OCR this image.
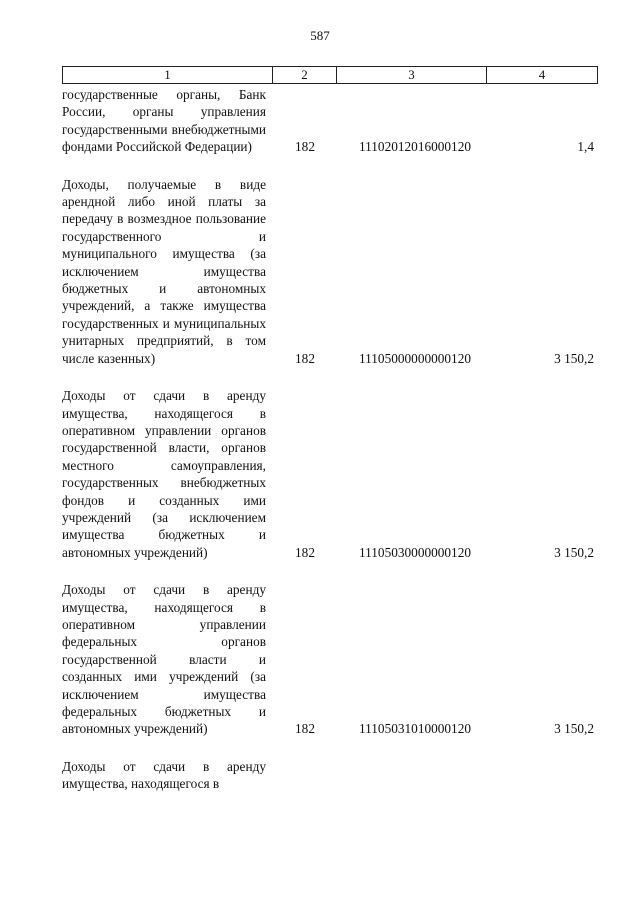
587
1	2	3	4
государственные органы, Банк России, органы управления государственными внебюджетными фондами Российской Федерации)	182	11102012016000120	1,4
Доходы, получаемые в виде арендной либо иной платы за передачу в возмездное пользование государственного и муниципального имущества (за исключением имущества бюджетных и автономных учреждений, а также имущества государственных и муниципальных унитарных предприятий, в том числе казенных)	182	11105000000000120	3 150,2
Доходы от сдачи в аренду имущества, находящегося в оперативном управлении органов государственной власти, органов местного самоуправления, государственных внебюджетных фондов и созданных ими учреждений (за исключением имущества бюджетных и автономных учреждений)	182	11105030000000120	3 150,2
Доходы от сдачи в аренду имущества, находящегося в оперативном управлении федеральных органов государственной власти и созданных ими учреждений (за исключением имущества федеральных бюджетных и автономных учреждений)	182	11105031010000120	3 150,2
Доходы от сдачи в аренду имущества, находящегося в
